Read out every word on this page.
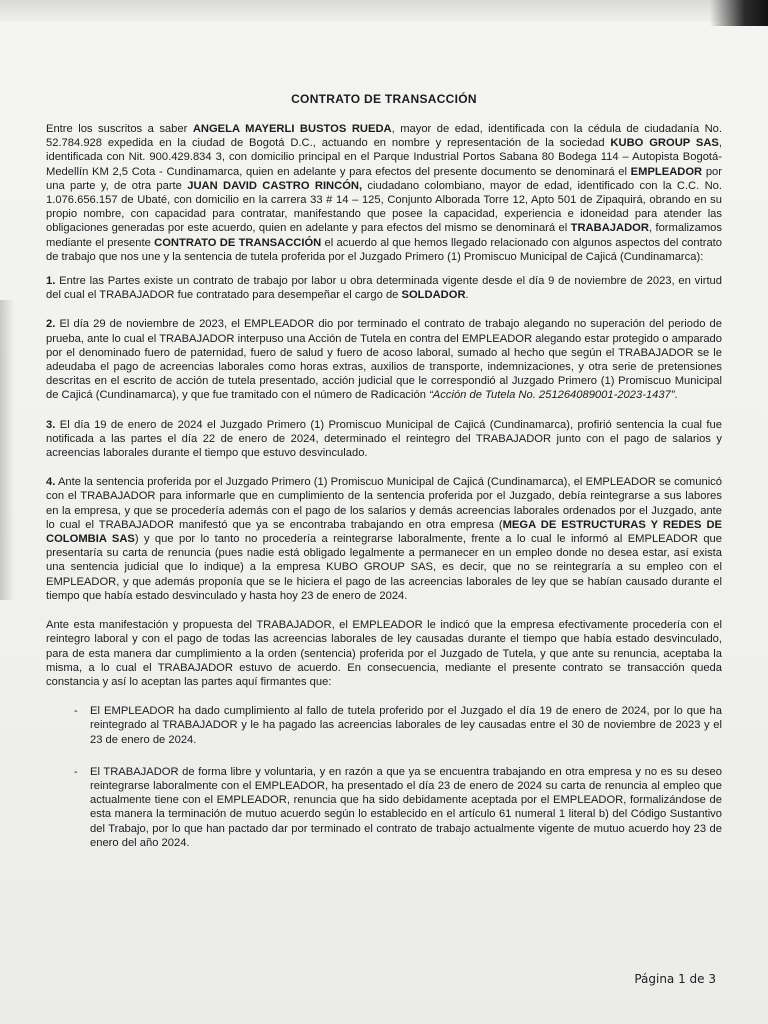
CONTRATO DE TRANSACCIÓN

Entre los suscritos a saber ANGELA MAYERLI BUSTOS RUEDA, mayor de edad, identificada con la cédula de ciudadanía No. 52.784.928 expedida en la ciudad de Bogotá D.C., actuando en nombre y representación de la sociedad KUBO GROUP SAS, identificada con Nit. 900.429.834 3, con domicilio principal en el Parque Industrial Portos Sabana 80 Bodega 114 – Autopista Bogotá-Medellín KM 2,5 Cota - Cundinamarca, quien en adelante y para efectos del presente documento se denominará el EMPLEADOR por una parte y, de otra parte JUAN DAVID CASTRO RINCÓN, ciudadano colombiano, mayor de edad, identificado con la C.C. No. 1.076.656.157 de Ubaté, con domicilio en la carrera 33 # 14 – 125, Conjunto Alborada Torre 12, Apto 501 de Zipaquirá, obrando en su propio nombre, con capacidad para contratar, manifestando que posee la capacidad, experiencia e idoneidad para atender las obligaciones generadas por este acuerdo, quien en adelante y para efectos del mismo se denominará el TRABAJADOR, formalizamos mediante el presente CONTRATO DE TRANSACCIÓN el acuerdo al que hemos llegado relacionado con algunos aspectos del contrato de trabajo que nos une y la sentencia de tutela proferida por el Juzgado Primero (1) Promiscuo Municipal de Cajicá (Cundinamarca):

1. Entre las Partes existe un contrato de trabajo por labor u obra determinada vigente desde el día 9 de noviembre de 2023, en virtud del cual el TRABAJADOR fue contratado para desempeñar el cargo de SOLDADOR.

2. El día 29 de noviembre de 2023, el EMPLEADOR dio por terminado el contrato de trabajo alegando no superación del periodo de prueba, ante lo cual el TRABAJADOR interpuso una Acción de Tutela en contra del EMPLEADOR alegando estar protegido o amparado por el denominado fuero de paternidad, fuero de salud y fuero de acoso laboral, sumado al hecho que según el TRABAJADOR se le adeudaba el pago de acreencias laborales como horas extras, auxilios de transporte, indemnizaciones, y otra serie de pretensiones descritas en el escrito de acción de tutela presentado, acción judicial que le correspondió al Juzgado Primero (1) Promiscuo Municipal de Cajicá (Cundinamarca), y que fue tramitado con el número de Radicación “Acción de Tutela No. 251264089001-2023-1437”.

3. El día 19 de enero de 2024 el Juzgado Primero (1) Promiscuo Municipal de Cajicá (Cundinamarca), profirió sentencia la cual fue notificada a las partes el día 22 de enero de 2024, determinado el reintegro del TRABAJADOR junto con el pago de salarios y acreencias laborales durante el tiempo que estuvo desvinculado.

4. Ante la sentencia proferida por el Juzgado Primero (1) Promiscuo Municipal de Cajicá (Cundinamarca), el EMPLEADOR se comunicó con el TRABAJADOR para informarle que en cumplimiento de la sentencia proferida por el Juzgado, debía reintegrarse a sus labores en la empresa, y que se procedería además con el pago de los salarios y demás acreencias laborales ordenados por el Juzgado, ante lo cual el TRABAJADOR manifestó que ya se encontraba trabajando en otra empresa (MEGA DE ESTRUCTURAS Y REDES DE COLOMBIA SAS) y que por lo tanto no procedería a reintegrarse laboralmente, frente a lo cual le informó al EMPLEADOR que presentaría su carta de renuncia (pues nadie está obligado legalmente a permanecer en un empleo donde no desea estar, así exista una sentencia judicial que lo indique) a la empresa KUBO GROUP SAS, es decir, que no se reintegraría a su empleo con el EMPLEADOR, y que además proponía que se le hiciera el pago de las acreencias laborales de ley que se habían causado durante el tiempo que había estado desvinculado y hasta hoy 23 de enero de 2024.

Ante esta manifestación y propuesta del TRABAJADOR, el EMPLEADOR le indicó que la empresa efectivamente procedería con el reintegro laboral y con el pago de todas las acreencias laborales de ley causadas durante el tiempo que había estado desvinculado, para de esta manera dar cumplimiento a la orden (sentencia) proferida por el Juzgado de Tutela, y que ante su renuncia, aceptaba la misma, a lo cual el TRABAJADOR estuvo de acuerdo. En consecuencia, mediante el presente contrato se transacción queda constancia y así lo aceptan las partes aquí firmantes que:

- El EMPLEADOR ha dado cumplimiento al fallo de tutela proferido por el Juzgado el día 19 de enero de 2024, por lo que ha reintegrado al TRABAJADOR y le ha pagado las acreencias laborales de ley causadas entre el 30 de noviembre de 2023 y el 23 de enero de 2024.
- El TRABAJADOR de forma libre y voluntaria, y en razón a que ya se encuentra trabajando en otra empresa y no es su deseo reintegrarse laboralmente con el EMPLEADOR, ha presentado el día 23 de enero de 2024 su carta de renuncia al empleo que actualmente tiene con el EMPLEADOR, renuncia que ha sido debidamente aceptada por el EMPLEADOR, formalizándose de esta manera la terminación de mutuo acuerdo según lo establecido en el artículo 61 numeral 1 literal b) del Código Sustantivo del Trabajo, por lo que han pactado dar por terminado el contrato de trabajo actualmente vigente de mutuo acuerdo hoy 23 de enero del año 2024.
Página 1 de 3
